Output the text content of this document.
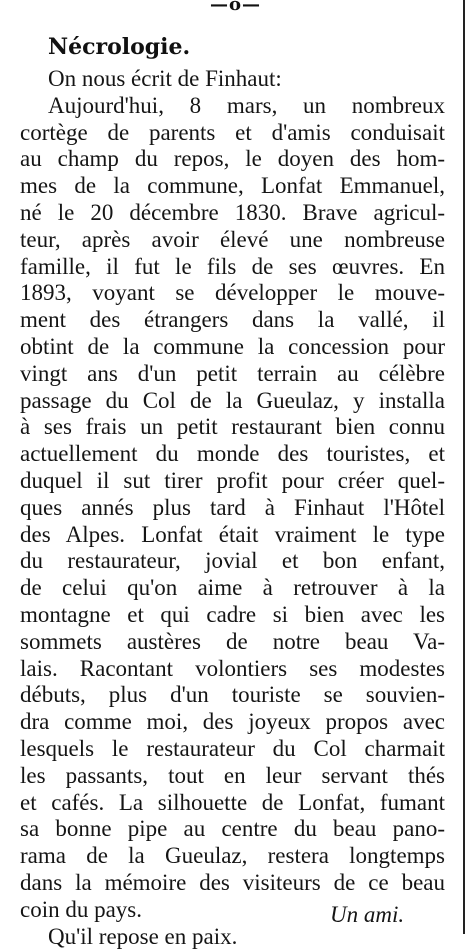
—o—
Nécrologie.
On nous écrit de Finhaut:
Aujourd'hui, 8 mars, un nombreux
cortège de parents et d'amis conduisait
au champ du repos, le doyen des hom-
mes de la commune, Lonfat Emmanuel,
né le 20 décembre 1830. Brave agricul-
teur, après avoir élevé une nombreuse
famille, il fut le fils de ses œuvres. En
1893, voyant se développer le mouve-
ment des étrangers dans la vallé, il
obtint de la commune la concession pour
vingt ans d'un petit terrain au célèbre
passage du Col de la Gueulaz, y installa
à ses frais un petit restaurant bien connu
actuellement du monde des touristes, et
duquel il sut tirer profit pour créer quel-
ques annés plus tard à Finhaut l'Hôtel
des Alpes. Lonfat était vraiment le type
du restaurateur, jovial et bon enfant,
de celui qu'on aime à retrouver à la
montagne et qui cadre si bien avec les
sommets austères de notre beau Va-
lais. Racontant volontiers ses modestes
débuts, plus d'un touriste se souvien-
dra comme moi, des joyeux propos avec
lesquels le restaurateur du Col charmait
les passants, tout en leur servant thés
et cafés. La silhouette de Lonfat, fumant
sa bonne pipe au centre du beau pano-
rama de la Gueulaz, restera longtemps
dans la mémoire des visiteurs de ce beau
coin du pays.
Qu'il repose en paix.
Un ami.
